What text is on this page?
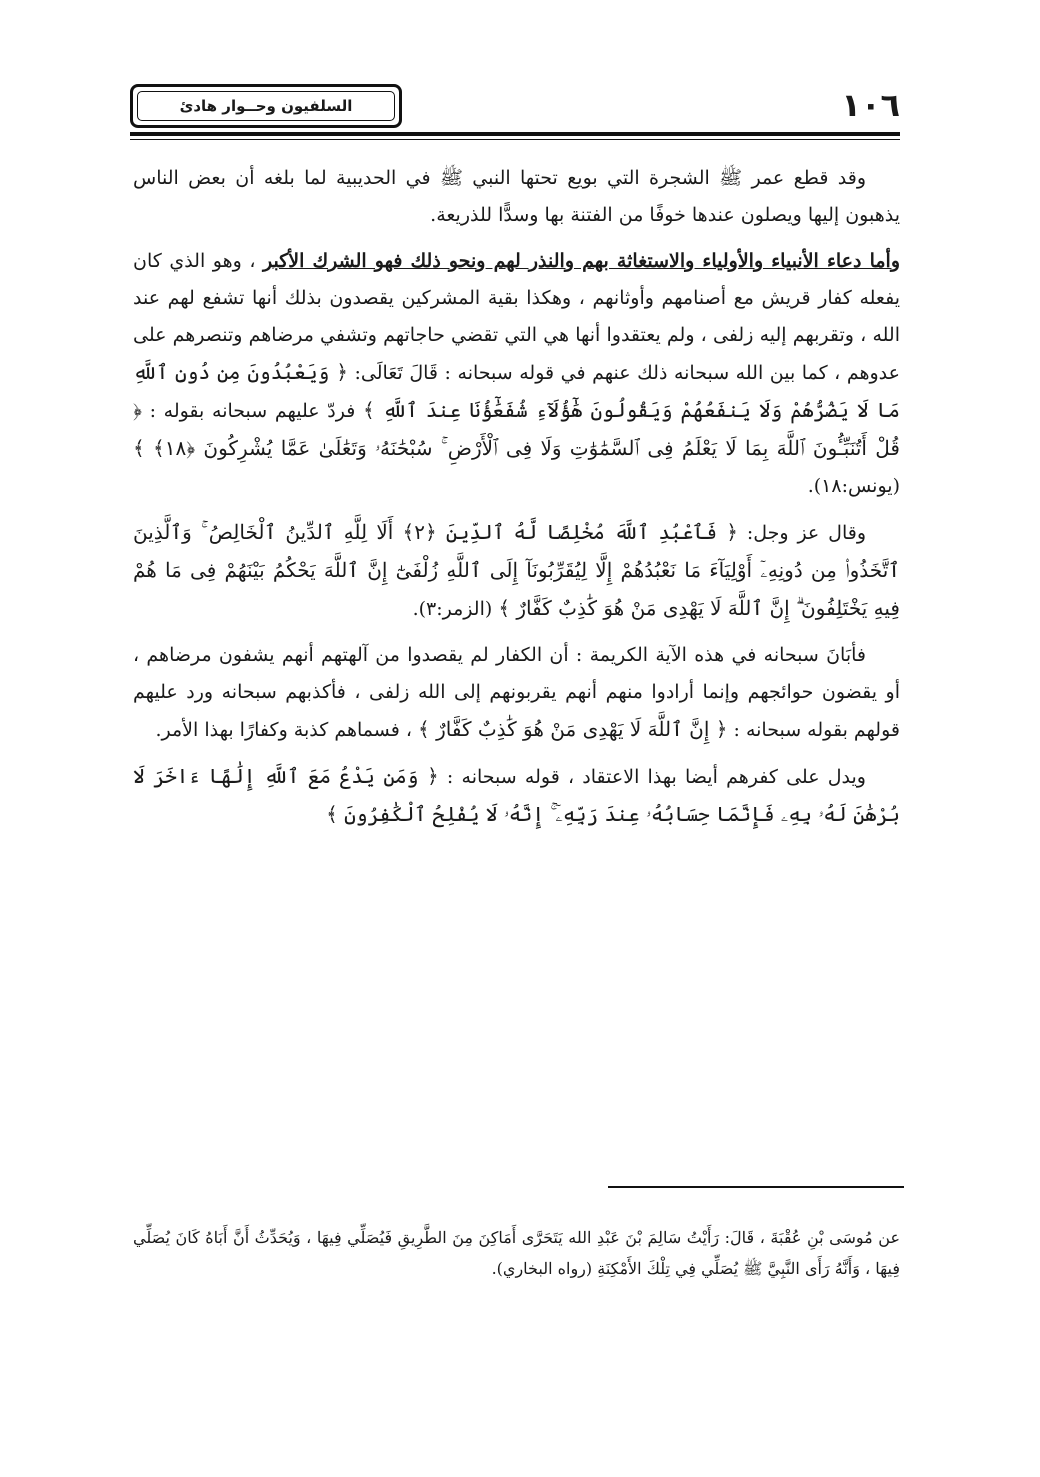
السلفيون وحــوار هادئ	١٠٦

وقد قطع عمر ﷺ الشجرة التي بويع تحتها النبي ﷺ في الحديبية لما بلغه أن بعض الناس يذهبون إليها ويصلون عندها خوفًا من الفتنة بها وسدًّا للذريعة.

وأما دعاء الأنبياء والأولياء والاستغاثة بهم والنذر لهم ونحو ذلك فهو الشرك الأكبر ، وهو الذي كان يفعله كفار قريش مع أصنامهم وأوثانهم ، وهكذا بقية المشركين يقصدون بذلك أنها تشفع لهم عند الله ، وتقربهم إليه زلفى ، ولم يعتقدوا أنها هي التي تقضي حاجاتهم وتشفي مرضاهم وتنصرهم على عدوهم ، كما بين الله سبحانه ذلك عنهم في قوله سبحانه : قَالَ تَعَالَى: ﴿ وَيَعْبُدُونَ مِن دُونِ ٱللَّهِ مَا لَا يَضُرُّهُمْ وَلَا يَنفَعُهُمْ وَيَقُولُونَ هَٰٓؤُلَآءِ شُفَعَٰٓؤُنَا عِندَ ٱللَّهِ ﴾ فردّ عليهم سبحانه بقوله : ﴿ قُلْ أَتُنَبِّـُٔونَ ٱللَّهَ بِمَا لَا يَعْلَمُ فِى ٱلسَّمَٰوَٰتِ وَلَا فِى ٱلْأَرْضِ ۚ سُبْحَٰنَهُۥ وَتَعَٰلَىٰ عَمَّا يُشْرِكُونَ ﴿١٨﴾ ﴾ (يونس:١٨).

وقال عز وجل: ﴿ فَٱعْبُدِ ٱللَّهَ مُخْلِصًا لَّهُ ٱلدِّينَ ﴿٢﴾ أَلَا لِلَّهِ ٱلدِّينُ ٱلْخَالِصُ ۚ وَٱلَّذِينَ ٱتَّخَذُوا۟ مِن دُونِهِۦٓ أَوْلِيَآءَ مَا نَعْبُدُهُمْ إِلَّا لِيُقَرِّبُونَآ إِلَى ٱللَّهِ زُلْفَىٰٓ إِنَّ ٱللَّهَ يَحْكُمُ بَيْنَهُمْ فِى مَا هُمْ فِيهِ يَخْتَلِفُونَ ۗ إِنَّ ٱللَّهَ لَا يَهْدِى مَنْ هُوَ كَٰذِبٌ كَفَّارٌ ﴾ (الزمر:٣).

فأبَانَ سبحانه في هذه الآية الكريمة : أن الكفار لم يقصدوا من آلهتهم أنهم يشفون مرضاهم ، أو يقضون حوائجهم وإنما أرادوا منهم أنهم يقربونهم إلى الله زلفى ، فأكذبهم سبحانه ورد عليهم قولهم بقوله سبحانه : ﴿ إِنَّ ٱللَّهَ لَا يَهْدِى مَنْ هُوَ كَٰذِبٌ كَفَّارٌ ﴾ ، فسماهم كذبة وكفارًا بهذا الأمر.

ويدل على كفرهم أيضا بهذا الاعتقاد ، قوله سبحانه : ﴿ وَمَن يَدْعُ مَعَ ٱللَّهِ إِلَٰهًا ءَاخَرَ لَا بُرْهَٰنَ لَهُۥ بِهِۦ فَإِنَّمَا حِسَابُهُۥ عِندَ رَبِّهِۦٓ ۚ إِنَّهُۥ لَا يُفْلِحُ ٱلْكَٰفِرُونَ ﴾

عن مُوسَى بْنِ عُقْبَةَ ، قَالَ: رَأَيْتُ سَالِمَ بْنَ عَبْدِ الله يَتَحَرَّى أَمَاكِنَ مِنَ الطَّرِيقِ فَيُصَلِّي فِيهَا ، وَيُحَدِّثُ أَنَّ أَبَاهُ كَانَ يُصَلِّي فِيهَا ، وَأَنَّهُ رَأَى النَّبِيَّ ﷺ يُصَلِّي فِي تِلْكَ الأَمْكِنَةِ (رواه البخاري).
